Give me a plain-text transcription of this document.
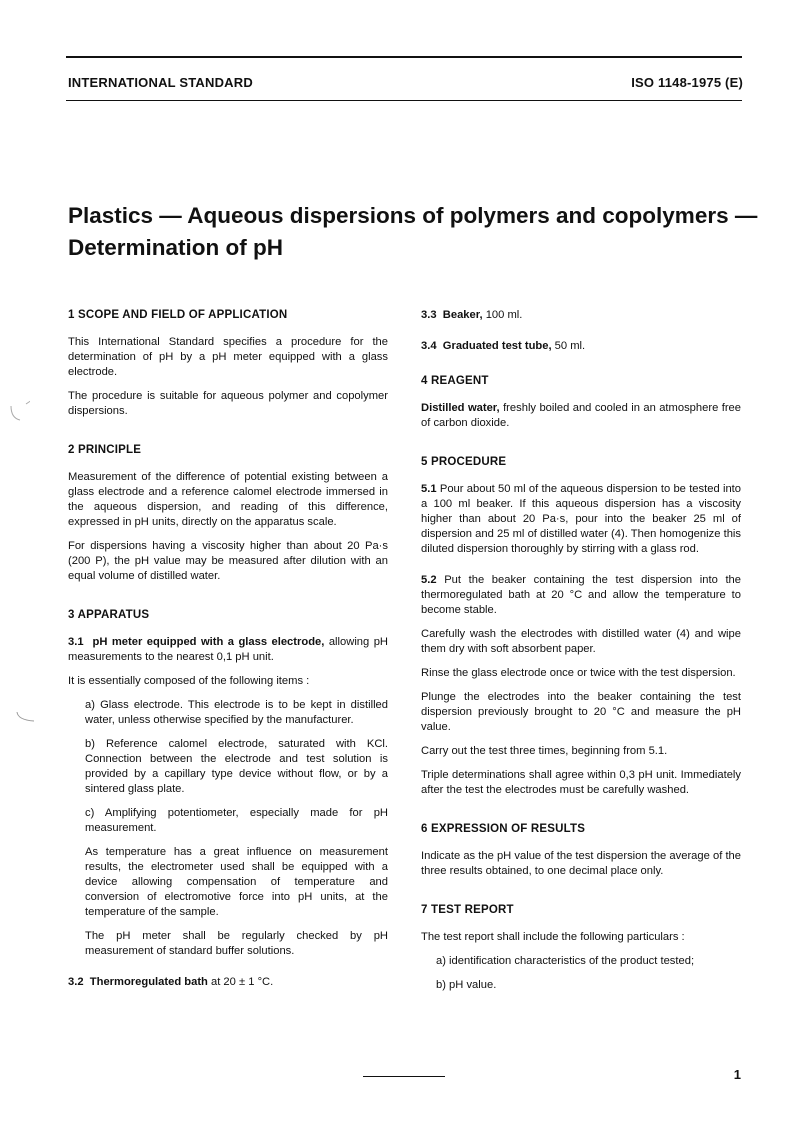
INTERNATIONAL STANDARD	ISO 1148-1975 (E)
Plastics — Aqueous dispersions of polymers and copolymers —
Determination of pH

1 SCOPE AND FIELD OF APPLICATION

This International Standard specifies a procedure for the determination of pH by a pH meter equipped with a glass electrode.

The procedure is suitable for aqueous polymer and copolymer dispersions.

2 PRINCIPLE

Measurement of the difference of potential existing between a glass electrode and a reference calomel electrode immersed in the aqueous dispersion, and reading of this difference, expressed in pH units, directly on the apparatus scale.

For dispersions having a viscosity higher than about 20 Pa·s (200 P), the pH value may be measured after dilution with an equal volume of distilled water.

3 APPARATUS

3.1 pH meter equipped with a glass electrode, allowing pH measurements to the nearest 0,1 pH unit.

It is essentially composed of the following items :

a) Glass electrode. This electrode is to be kept in distilled water, unless otherwise specified by the manufacturer.

b) Reference calomel electrode, saturated with KCl. Connection between the electrode and test solution is provided by a capillary type device without flow, or by a sintered glass plate.

c) Amplifying potentiometer, especially made for pH measurement.

As temperature has a great influence on measurement results, the electrometer used shall be equipped with a device allowing compensation of temperature and conversion of electromotive force into pH units, at the temperature of the sample.

The pH meter shall be regularly checked by pH measurement of standard buffer solutions.

3.2 Thermoregulated bath at 20 ± 1 °C.

3.3 Beaker, 100 ml.

3.4 Graduated test tube, 50 ml.

4 REAGENT

Distilled water, freshly boiled and cooled in an atmosphere free of carbon dioxide.

5 PROCEDURE

5.1 Pour about 50 ml of the aqueous dispersion to be tested into a 100 ml beaker. If this aqueous dispersion has a viscosity higher than about 20 Pa·s, pour into the beaker 25 ml of dispersion and 25 ml of distilled water (4). Then homogenize this diluted dispersion thoroughly by stirring with a glass rod.

5.2 Put the beaker containing the test dispersion into the thermoregulated bath at 20 °C and allow the temperature to become stable.

Carefully wash the electrodes with distilled water (4) and wipe them dry with soft absorbent paper.

Rinse the glass electrode once or twice with the test dispersion.

Plunge the electrodes into the beaker containing the test dispersion previously brought to 20 °C and measure the pH value.

Carry out the test three times, beginning from 5.1.

Triple determinations shall agree within 0,3 pH unit. Immediately after the test the electrodes must be carefully washed.

6 EXPRESSION OF RESULTS

Indicate as the pH value of the test dispersion the average of the three results obtained, to one decimal place only.

7 TEST REPORT

The test report shall include the following particulars :

a) identification characteristics of the product tested;

b) pH value.

1
